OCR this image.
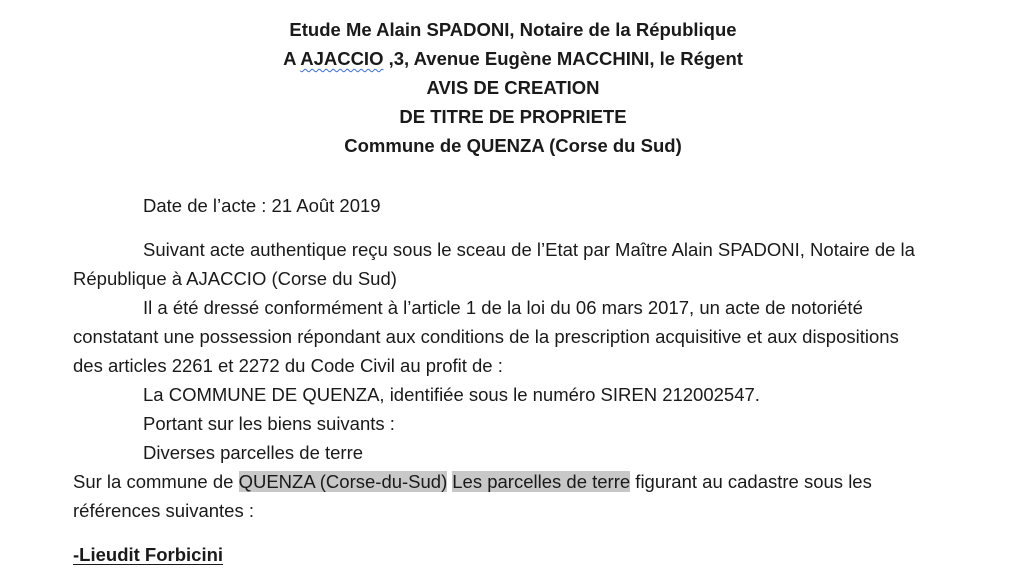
Etude Me Alain SPADONI, Notaire de la République

A AJACCIO ,3, Avenue Eugène MACCHINI, le Régent

AVIS DE CREATION

DE TITRE DE PROPRIETE

Commune de QUENZA (Corse du Sud)

Date de l’acte : 21 Août 2019

Suivant acte authentique reçu sous le sceau de l’Etat par Maître Alain SPADONI, Notaire de la

République à AJACCIO (Corse du Sud)

Il a été dressé conformément à l’article 1 de la loi du 06 mars 2017, un acte de notoriété

constatant une possession répondant aux conditions de la prescription acquisitive et aux dispositions

des articles 2261 et 2272 du Code Civil au profit de :

La COMMUNE DE QUENZA, identifiée sous le numéro SIREN 212002547.

Portant sur les biens suivants :

Diverses parcelles de terre

Sur la commune de QUENZA (Corse-du-Sud) Les parcelles de terre figurant au cadastre sous les

références suivantes :

-Lieudit Forbicini
